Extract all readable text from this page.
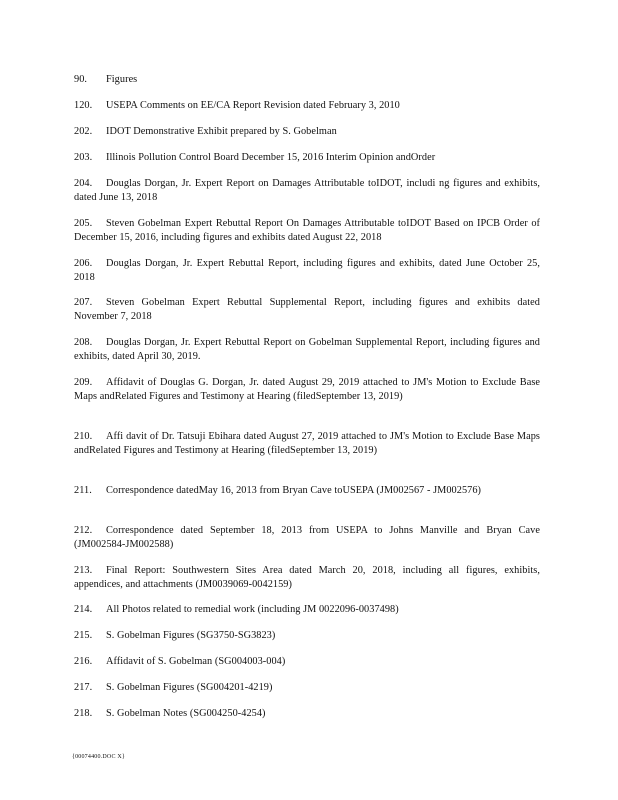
90. Figures
120. USEPA Comments on EE/CA Report Revision dated February 3, 2010
202. IDOT Demonstrative Exhibit prepared by S. Gobelman
203. Illinois Pollution Control Board December 15, 2016 Interim Opinion andOrder
204. Douglas Dorgan, Jr. Expert Report on Damages Attributable toIDOT, includi ng figures and exhibits, dated June 13, 2018
205. Steven Gobelman Expert Rebuttal Report On Damages Attributable toIDOT Based on IPCB Order of December 15, 2016, including figures and exhibits dated August 22, 2018
206. Douglas Dorgan, Jr. Expert Rebuttal Report, including figures and exhibits, dated June October 25, 2018
207. Steven Gobelman Expert Rebuttal Supplemental Report, including figures and exhibits dated November 7, 2018
208. Douglas Dorgan, Jr. Expert Rebuttal Report on Gobelman Supplemental Report, including figures and exhibits, dated April 30, 2019.
209. Affidavit of Douglas G. Dorgan, Jr. dated August 29, 2019 attached to JM's Motion to Exclude Base Maps andRelated Figures and Testimony at Hearing (filedSeptember 13, 2019)
210. Affi davit of Dr. Tatsuji Ebihara dated August 27, 2019 attached to JM's Motion to Exclude Base Maps andRelated Figures and Testimony at Hearing (filedSeptember 13, 2019)
211. Correspondence datedMay 16, 2013 from Bryan Cave toUSEPA (JM002567 - JM002576)
212. Correspondence dated September 18, 2013 from USEPA to Johns Manville and Bryan Cave (JM002584-JM002588)
213. Final Report: Southwestern Sites Area dated March 20, 2018, including all figures, exhibits, appendices, and attachments (JM0039069-0042159)
214. All Photos related to remedial work (including JM 0022096-0037498)
215. S. Gobelman Figures (SG3750-SG3823)
216. Affidavit of S. Gobelman (SG004003-004)
217. S. Gobelman Figures (SG004201-4219)
218. S. Gobelman Notes (SG004250-4254)
{00074400.DOC X}
